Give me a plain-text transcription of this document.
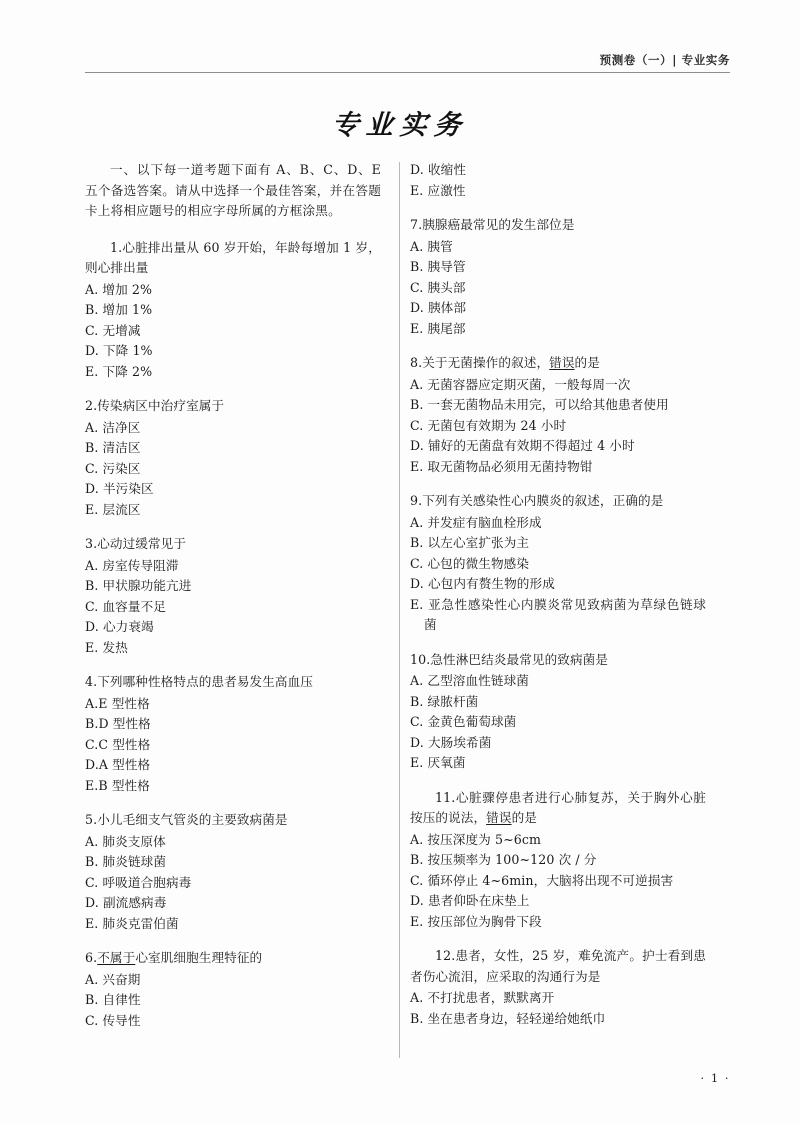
预测卷（一）| 专业实务
专业实务
一、以下每一道考题下面有 A、B、C、D、E 五个备选答案。请从中选择一个最佳答案，并在答题卡上将相应题号的相应字母所属的方框涂黑。
1.心脏排出量从 60 岁开始，年龄每增加 1 岁，则心排出量
A. 增加 2%
B. 增加 1%
C. 无增减
D. 下降 1%
E. 下降 2%
2.传染病区中治疗室属于
A. 洁净区
B. 清洁区
C. 污染区
D. 半污染区
E. 层流区
3.心动过缓常见于
A. 房室传导阻滞
B. 甲状腺功能亢进
C. 血容量不足
D. 心力衰竭
E. 发热
4.下列哪种性格特点的患者易发生高血压
A.E 型性格
B.D 型性格
C.C 型性格
D.A 型性格
E.B 型性格
5.小儿毛细支气管炎的主要致病菌是
A. 肺炎支原体
B. 肺炎链球菌
C. 呼吸道合胞病毒
D. 副流感病毒
E. 肺炎克雷伯菌
6.不属于心室肌细胞生理特征的
A. 兴奋期
B. 自律性
C. 传导性
D. 收缩性
E. 应激性
7.胰腺癌最常见的发生部位是
A. 胰管
B. 胰导管
C. 胰头部
D. 胰体部
E. 胰尾部
8.关于无菌操作的叙述，错误的是
A. 无菌容器应定期灭菌，一般每周一次
B. 一套无菌物品未用完，可以给其他患者使用
C. 无菌包有效期为 24 小时
D. 铺好的无菌盘有效期不得超过 4 小时
E. 取无菌物品必须用无菌持物钳
9.下列有关感染性心内膜炎的叙述，正确的是
A. 并发症有脑血栓形成
B. 以左心室扩张为主
C. 心包的微生物感染
D. 心包内有赘生物的形成
E. 亚急性感染性心内膜炎常见致病菌为草绿色链球菌
10.急性淋巴结炎最常见的致病菌是
A. 乙型溶血性链球菌
B. 绿脓杆菌
C. 金黄色葡萄球菌
D. 大肠埃希菌
E. 厌氧菌
11.心脏骤停患者进行心肺复苏，关于胸外心脏按压的说法，错误的是
A. 按压深度为 5~6cm
B. 按压频率为 100~120 次 / 分
C. 循环停止 4~6min，大脑将出现不可逆损害
D. 患者仰卧在床垫上
E. 按压部位为胸骨下段
12.患者，女性，25 岁，难免流产。护士看到患者伤心流泪，应采取的沟通行为是
A. 不打扰患者，默默离开
B. 坐在患者身边，轻轻递给她纸巾
· 1 ·
